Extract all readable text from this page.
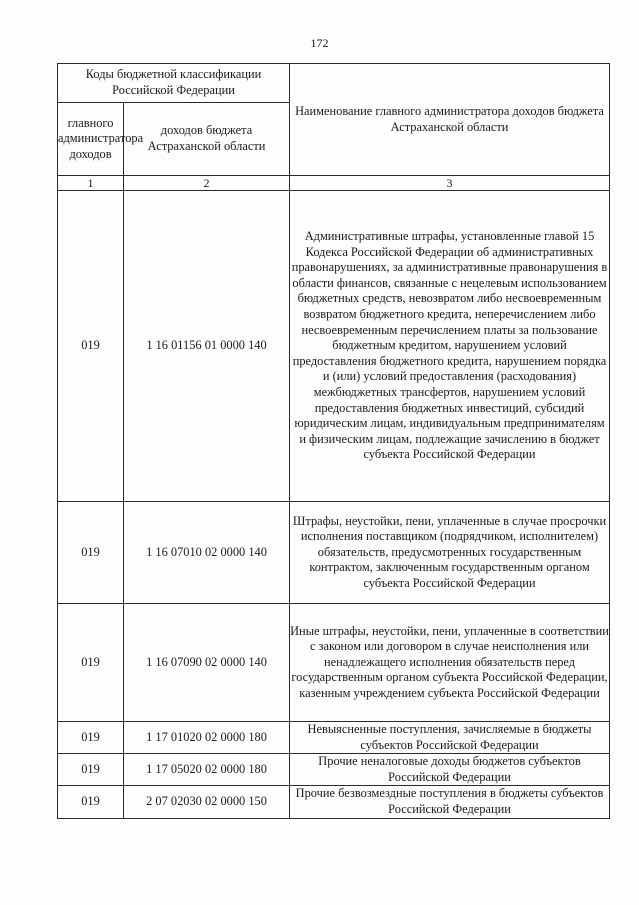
172
Коды бюджетной классификации Российской Федерации		Наименование главного администратора доходов бюджета Астраханской области
главного администратора доходов	доходов бюджета Астраханской области	
1	2	3
019	1 16 01156 01 0000 140	Административные штрафы, установленные главой 15 Кодекса Российской Федерации об административных правонарушениях, за административные правонарушения в области финансов, связанные с нецелевым использованием бюджетных средств, невозвратом либо несвоевременным возвратом бюджетного кредита, неперечислением либо несвоевременным перечислением платы за пользование бюджетным кредитом, нарушением условий предоставления бюджетного кредита, нарушением порядка и (или) условий предоставления (расходования) межбюджетных трансфертов, нарушением условий предоставления бюджетных инвестиций, субсидий юридическим лицам, индивидуальным предпринимателям и физическим лицам, подлежащие зачислению в бюджет субъекта Российской Федерации
019	1 16 07010 02 0000 140	Штрафы, неустойки, пени, уплаченные в случае просрочки исполнения поставщиком (подрядчиком, исполнителем) обязательств, предусмотренных государственным контрактом, заключенным государственным органом субъекта Российской Федерации
019	1 16 07090 02 0000 140	Иные штрафы, неустойки, пени, уплаченные в соответствии с законом или договором в случае неисполнения или ненадлежащего исполнения обязательств перед государственным органом субъекта Российской Федерации, казенным учреждением субъекта Российской Федерации
019	1 17 01020 02 0000 180	Невыясненные поступления, зачисляемые в бюджеты субъектов Российской Федерации
019	1 17 05020 02 0000 180	Прочие неналоговые доходы бюджетов субъектов Российской Федерации
019	2 07 02030 02 0000 150	Прочие безвозмездные поступления в бюджеты субъектов Российской Федерации
